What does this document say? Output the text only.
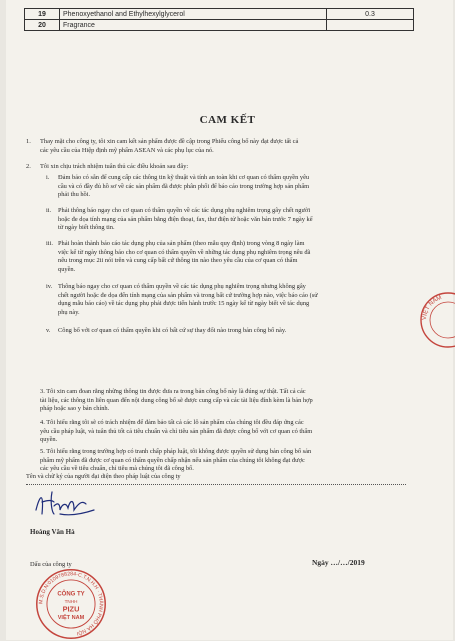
19	Phenoxyethanol and Ethylhexylglycerol	0.3
20	Fragrance	
CAM KẾT
1. Thay mặt cho công ty, tôi xin cam kết sản phẩm được đề cập trong Phiếu công bố này đạt được tất cả
các yêu cầu của Hiệp định mỹ phẩm ASEAN và các phụ lục của nó.
2. Tôi xin chịu trách nhiệm tuân thủ các điều khoản sau đây:
i. Đảm bảo có sẵn để cung cấp các thông tin kỹ thuật và tính an toàn khi cơ quan có thẩm quyền yêu
cầu và có đầy đủ hồ sơ về các sản phẩm đã được phân phối để báo cáo trong trường hợp sản phẩm
phải thu hồi.
ii. Phải thông báo ngay cho cơ quan có thẩm quyền về các tác dụng phụ nghiêm trọng gây chết người
hoặc đe dọa tính mạng của sản phẩm bằng điện thoại, fax, thư điện tử hoặc văn bản trước 7 ngày kể
từ ngày biết thông tin.
iii. Phải hoàn thành báo cáo tác dụng phụ của sản phẩm (theo mẫu quy định) trong vòng 8 ngày làm
việc kể từ ngày thông báo cho cơ quan có thẩm quyền về những tác dụng phụ nghiêm trọng nêu đã
nêu trong mục 2ii nói trên và cung cấp bất cứ thông tin nào theo yêu cầu của cơ quan có thẩm
quyền.
iv. Thông báo ngay cho cơ quan có thẩm quyền về các tác dụng phụ nghiêm trọng nhưng không gây
chết người hoặc đe dọa đến tính mạng của sản phẩm và trong bất cứ trường hợp nào, việc báo cáo (sử
dụng mẫu báo cáo) về tác dụng phụ phải được tiến hành trước 15 ngày kể từ ngày biết về tác dụng
phụ này.
v. Công bố với cơ quan có thẩm quyền khi có bất cứ sự thay đổi nào trong bản công bố này.
3. Tôi xin cam đoan rằng những thông tin được đưa ra trong bản công bố này là đúng sự thật. Tất cả các
tài liệu, các thông tin liên quan đến nội dung công bố sẽ được cung cấp và các tài liệu đính kèm là bản hợp
pháp hoặc sao y bản chính.
4. Tôi hiểu rằng tôi sẽ có trách nhiệm để đảm bảo tất cả các lô sản phẩm của chúng tôi đều đáp ứng các
yêu cầu pháp luật, và tuân thủ tốt cả tiêu chuẩn và chỉ tiêu sản phẩm đã được công bố với cơ quan có thẩm
quyền.
5. Tôi hiểu rằng trong trường hợp có tranh chấp pháp luật, tôi không được quyền sử dụng bản công bố sản
phẩm mỹ phẩm đã được cơ quan có thẩm quyền chấp nhận nếu sản phẩm của chúng tôi không đạt được
các yêu cầu về tiêu chuẩn, chỉ tiêu mà chúng tôi đã công bố.
Tên và chữ ký của người đại diện theo pháp luật của công ty
Hoàng Văn Hà
Dấu của công ty	Ngày …/…/2019
M.S.D.N:0109788284-C.T.N.H.H · THÀNH PHỐ HÀ NỘI
CÔNG TY
TNHH
PIZU
VIỆT NAM
VIỆT NAM
